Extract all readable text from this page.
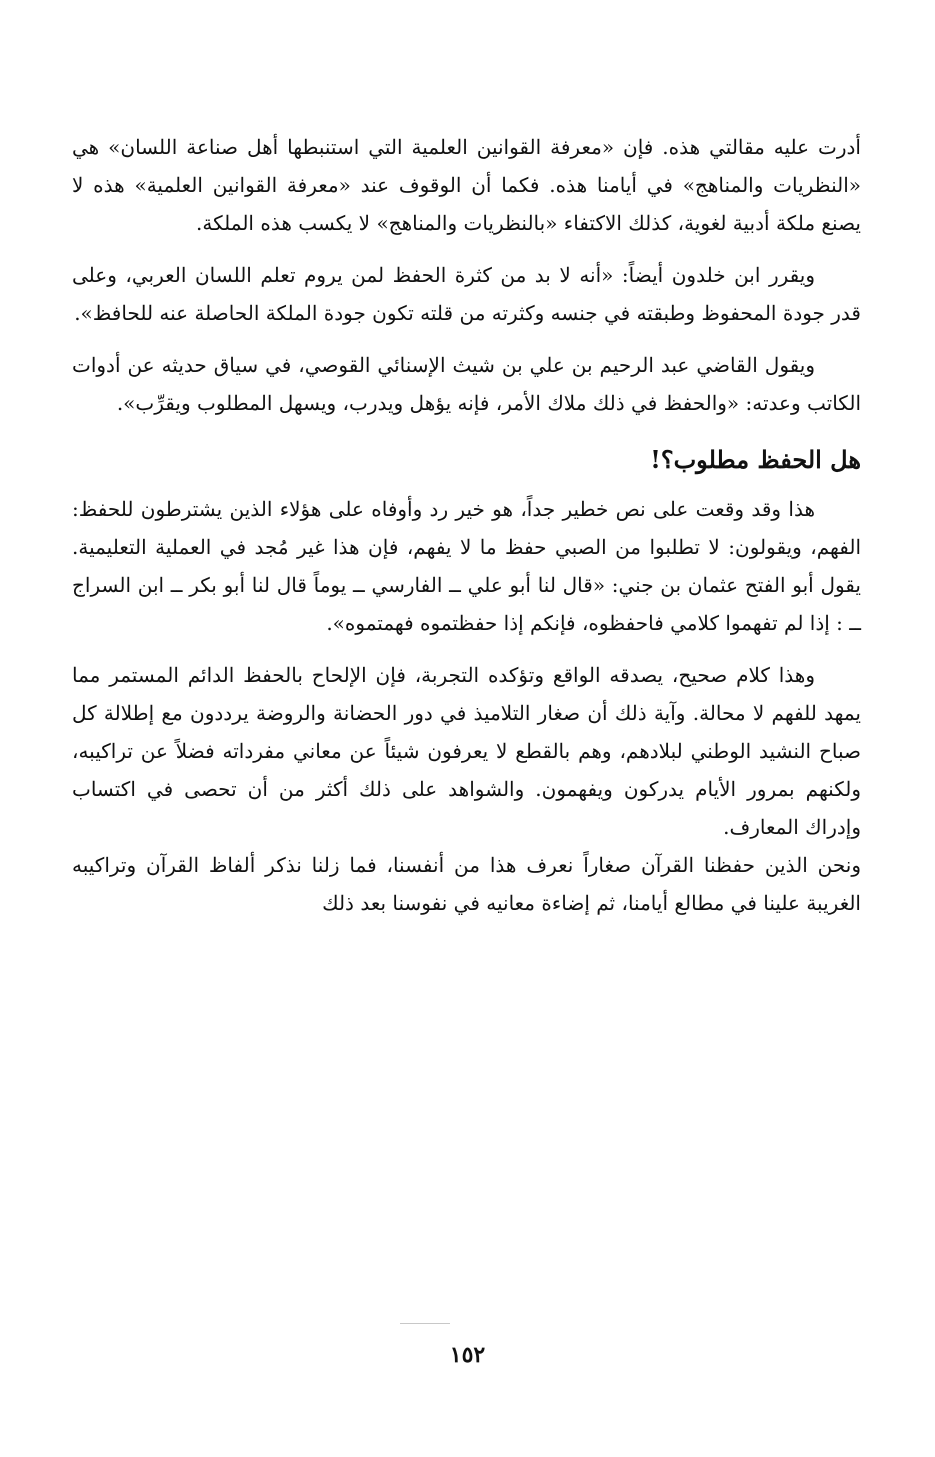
أدرت عليه مقالتي هذه. فإن «معرفة القوانين العلمية التي استنبطها أهل صناعة اللسان» هي «النظريات والمناهج» في أيامنا هذه. فكما أن الوقوف عند «معرفة القوانين العلمية» هذه لا يصنع ملكة أدبية لغوية، كذلك الاكتفاء «بالنظريات والمناهج» لا يكسب هذه الملكة.

ويقرر ابن خلدون أيضاً: «أنه لا بد من كثرة الحفظ لمن يروم تعلم اللسان العربي، وعلى قدر جودة المحفوظ وطبقته في جنسه وكثرته من قلته تكون جودة الملكة الحاصلة عنه للحافظ».

ويقول القاضي عبد الرحيم بن علي بن شيث الإسنائي القوصي، في سياق حديثه عن أدوات الكاتب وعدته: «والحفظ في ذلك ملاك الأمر، فإنه يؤهل ويدرب، ويسهل المطلوب ويقرِّب».

هل الحفظ مطلوب؟!

هذا وقد وقعت على نص خطير جداً، هو خير رد وأوفاه على هؤلاء الذين يشترطون للحفظ: الفهم، ويقولون: لا تطلبوا من الصبي حفظ ما لا يفهم، فإن هذا غير مُجد في العملية التعليمية. يقول أبو الفتح عثمان بن جني: «قال لنا أبو علي ــ الفارسي ــ يوماً قال لنا أبو بكر ــ ابن السراج ــ : إذا لم تفهموا كلامي فاحفظوه، فإنكم إذا حفظتموه فهمتموه».

وهذا كلام صحيح، يصدقه الواقع وتؤكده التجربة، فإن الإلحاح بالحفظ الدائم المستمر مما يمهد للفهم لا محالة. وآية ذلك أن صغار التلاميذ في دور الحضانة والروضة يرددون مع إطلالة كل صباح النشيد الوطني لبلادهم، وهم بالقطع لا يعرفون شيئاً عن معاني مفرداته فضلاً عن تراكيبه، ولكنهم بمرور الأيام يدركون ويفهمون. والشواهد على ذلك أكثر من أن تحصى في اكتساب وإدراك المعارف.

ونحن الذين حفظنا القرآن صغاراً نعرف هذا من أنفسنا، فما زلنا نذكر ألفاظ القرآن وتراكيبه الغريبة علينا في مطالع أيامنا، ثم إضاءة معانيه في نفوسنا بعد ذلك

١٥٢
